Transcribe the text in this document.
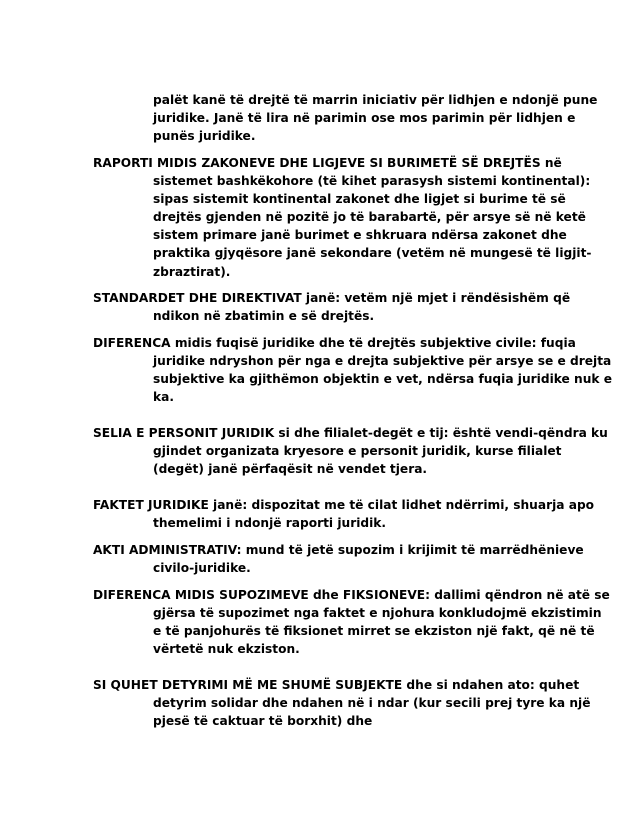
palët kanë të drejtë të marrin iniciativ për lidhjen e ndonjë pune juridike. Janë të lira në parimin ose mos parimin për lidhjen e punës juridike.

RAPORTI MIDIS ZAKONEVE DHE LIGJEVE SI BURIMETË SË DREJTËS në sistemet bashkëkohore (të kihet parasysh sistemi kontinental): sipas sistemit kontinental zakonet dhe ligjet si burime të së drejtës gjenden në pozitë jo të barabartë, për arsye së në ketë sistem primare janë burimet e shkruara ndërsa zakonet dhe praktika gjyqësore janë sekondare (vetëm në mungesë të ligjit-zbraztirat).

STANDARDET DHE DIREKTIVAT janë: vetëm një mjet i rëndësishëm që ndikon në zbatimin e së drejtës.

DIFERENCA midis fuqisë juridike dhe të drejtës subjektive civile: fuqia juridike ndryshon për nga e drejta subjektive për arsye se e drejta subjektive ka gjithëmon objektin e vet, ndërsa fuqia juridike nuk e ka.

SELIA E PERSONIT JURIDIK si dhe filialet-degët e tij: është vendi-qëndra ku gjindet organizata kryesore e personit juridik, kurse filialet (degët) janë përfaqësit në vendet tjera.

FAKTET JURIDIKE janë: dispozitat me të cilat lidhet ndërrimi, shuarja apo themelimi i ndonjë raporti juridik.

AKTI ADMINISTRATIV: mund të jetë supozim i krijimit të marrëdhënieve civilo-juridike.

DIFERENCA MIDIS SUPOZIMEVE dhe FIKSIONEVE: dallimi qëndron në atë se gjërsa të supozimet nga faktet e njohura konkludojmë ekzistimin e të panjohurës të fiksionet mirret se ekziston një fakt, që në të vërtetë nuk ekziston.

SI QUHET DETYRIMI MË ME SHUMË SUBJEKTE dhe si ndahen ato: quhet detyrim solidar dhe ndahen në i ndar (kur secili prej tyre ka një pjesë të caktuar të borxhit) dhe
